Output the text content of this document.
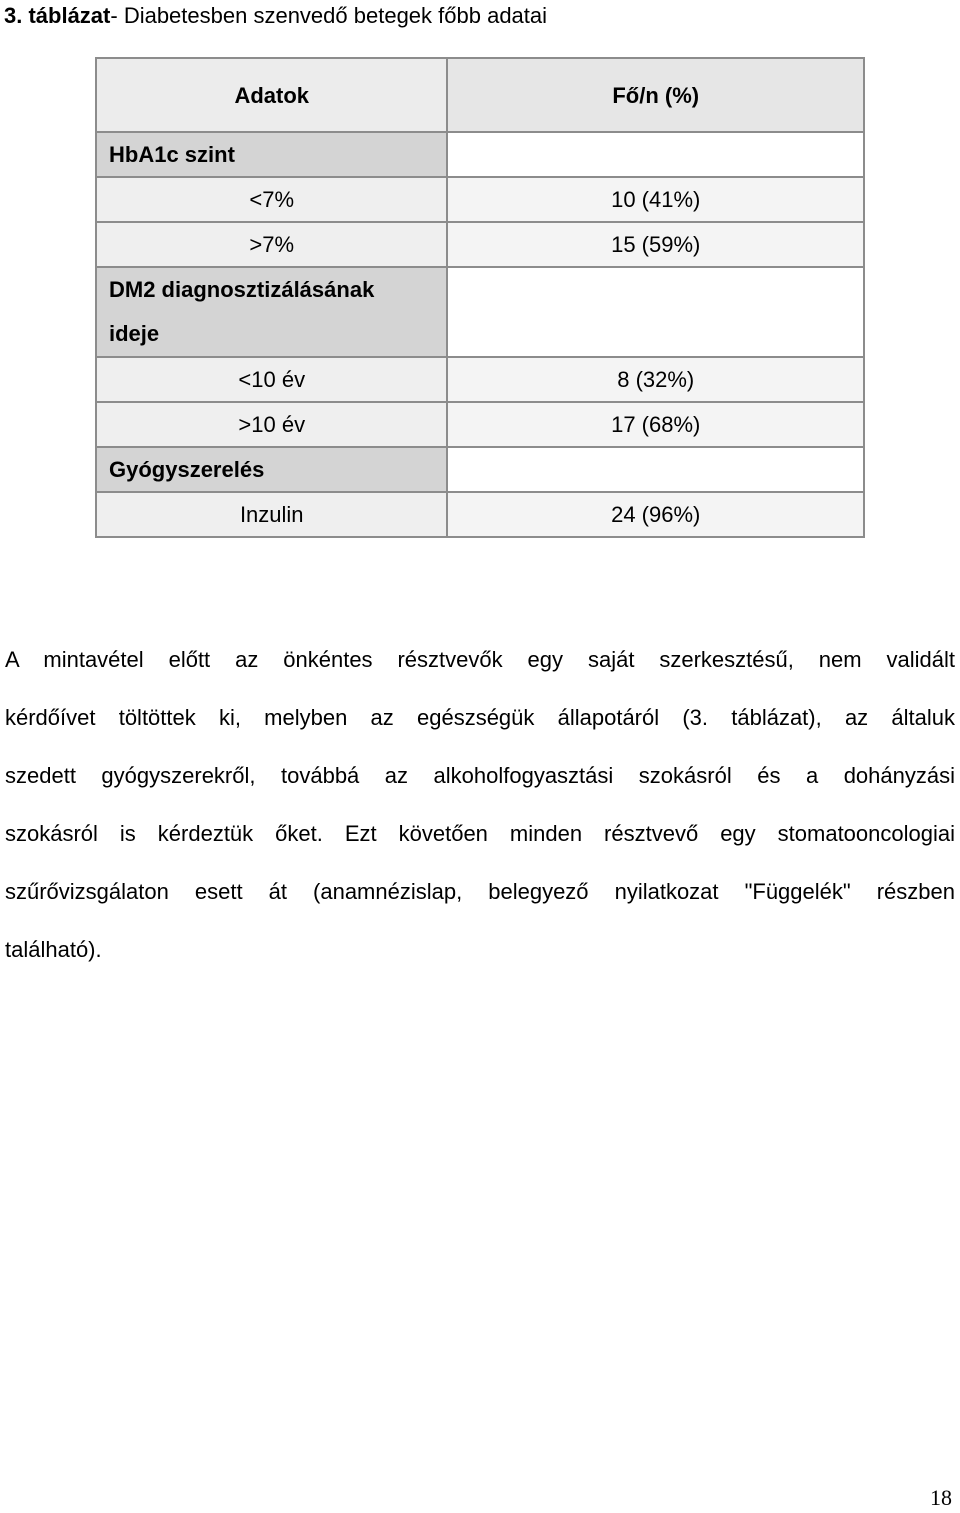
3. táblázat- Diabetesben szenvedő betegek főbb adatai
Adatok	Fő/n (%)
HbA1c szint	
<7%	10 (41%)
>7%	15 (59%)
DM2 diagnosztizálásának
ideje	
<10 év	8 (32%)
>10 év	17 (68%)
Gyógyszerelés	
Inzulin	24 (96%)
A mintavétel előtt az önkéntes résztvevők egy saját szerkesztésű, nem validált
kérdőívet töltöttek ki, melyben az egészségük állapotáról (3. táblázat), az általuk
szedett gyógyszerekről, továbbá az alkoholfogyasztási szokásról és a dohányzási
szokásról is kérdeztük őket. Ezt követően minden résztvevő egy stomatooncologiai
szűrővizsgálaton esett át (anamnézislap, belegyező nyilatkozat "Függelék" részben
található).
18
